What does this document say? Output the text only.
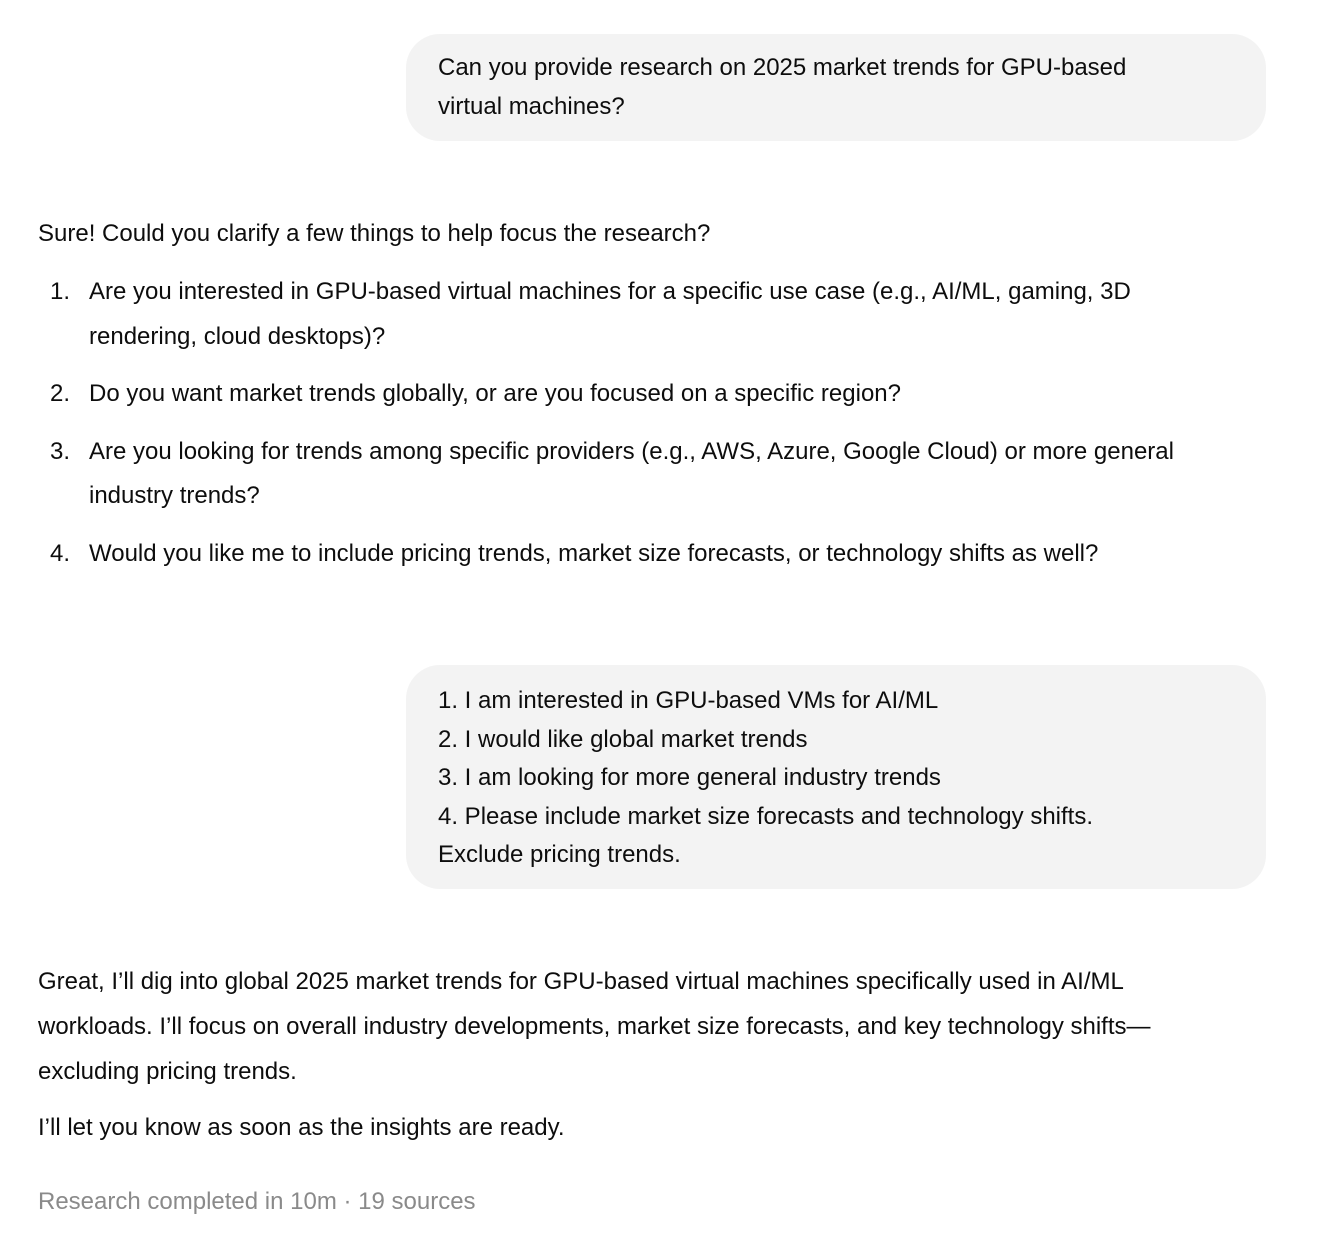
Can you provide research on 2025 market trends for GPU-based
virtual machines?

Sure! Could you clarify a few things to help focus the research?

1. Are you interested in GPU-based virtual machines for a specific use case (e.g., AI/ML, gaming, 3D
rendering, cloud desktops)?
2. Do you want market trends globally, or are you focused on a specific region?
3. Are you looking for trends among specific providers (e.g., AWS, Azure, Google Cloud) or more general
industry trends?
4. Would you like me to include pricing trends, market size forecasts, or technology shifts as well?
1. I am interested in GPU-based VMs for AI/ML
2. I would like global market trends
3. I am looking for more general industry trends
4. Please include market size forecasts and technology shifts.
Exclude pricing trends.

Great, I’ll dig into global 2025 market trends for GPU-based virtual machines specifically used in AI/ML
workloads. I’ll focus on overall industry developments, market size forecasts, and key technology shifts—
excluding pricing trends.

I’ll let you know as soon as the insights are ready.

Research completed in 10m · 19 sources
